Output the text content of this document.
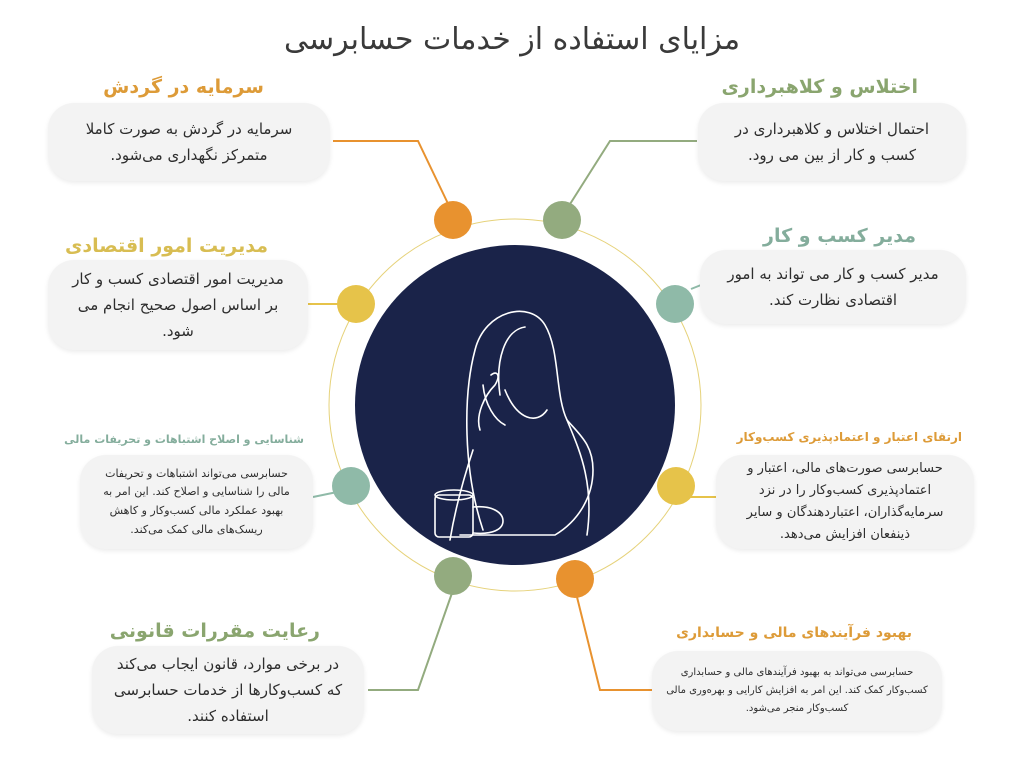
مزایای استفاده از خدمات حسابرسی
سرمایه در گردش	اختلاس و کلاهبرداری
مدیریت امور اقتصادی	مدیر کسب و کار
شناسایی و اصلاح اشتباهات و تحریفات مالی	ارتقای اعتبار و اعتمادپذیری کسب‌وکار
رعایت مقررات قانونی	بهبود فرآیندهای مالی و حسابداری
سرمایه در گردش به صورت کاملا متمرکز نگهداری می‌شود.
احتمال اختلاس و کلاهبرداری در کسب و کار از بین می رود.
مدیریت امور اقتصادی کسب و کار بر اساس اصول صحیح انجام می شود.
مدیر کسب و کار می تواند به امور اقتصادی نظارت کند.
حسابرسی می‌تواند اشتباهات و تحریفات مالی را شناسایی و اصلاح کند. این امر به بهبود عملکرد مالی کسب‌وکار و کاهش ریسک‌های مالی کمک می‌کند.
حسابرسی صورت‌های مالی، اعتبار و اعتمادپذیری کسب‌وکار را در نزد سرمایه‌گذاران، اعتباردهندگان و سایر ذینفعان افزایش می‌دهد.
در برخی موارد، قانون ایجاب می‌کند که کسب‌وکارها از خدمات حسابرسی استفاده کنند.
حسابرسی می‌تواند به بهبود فرآیندهای مالی و حسابداری کسب‌وکار کمک کند. این امر به افزایش کارایی و بهره‌وری مالی کسب‌وکار منجر می‌شود.
